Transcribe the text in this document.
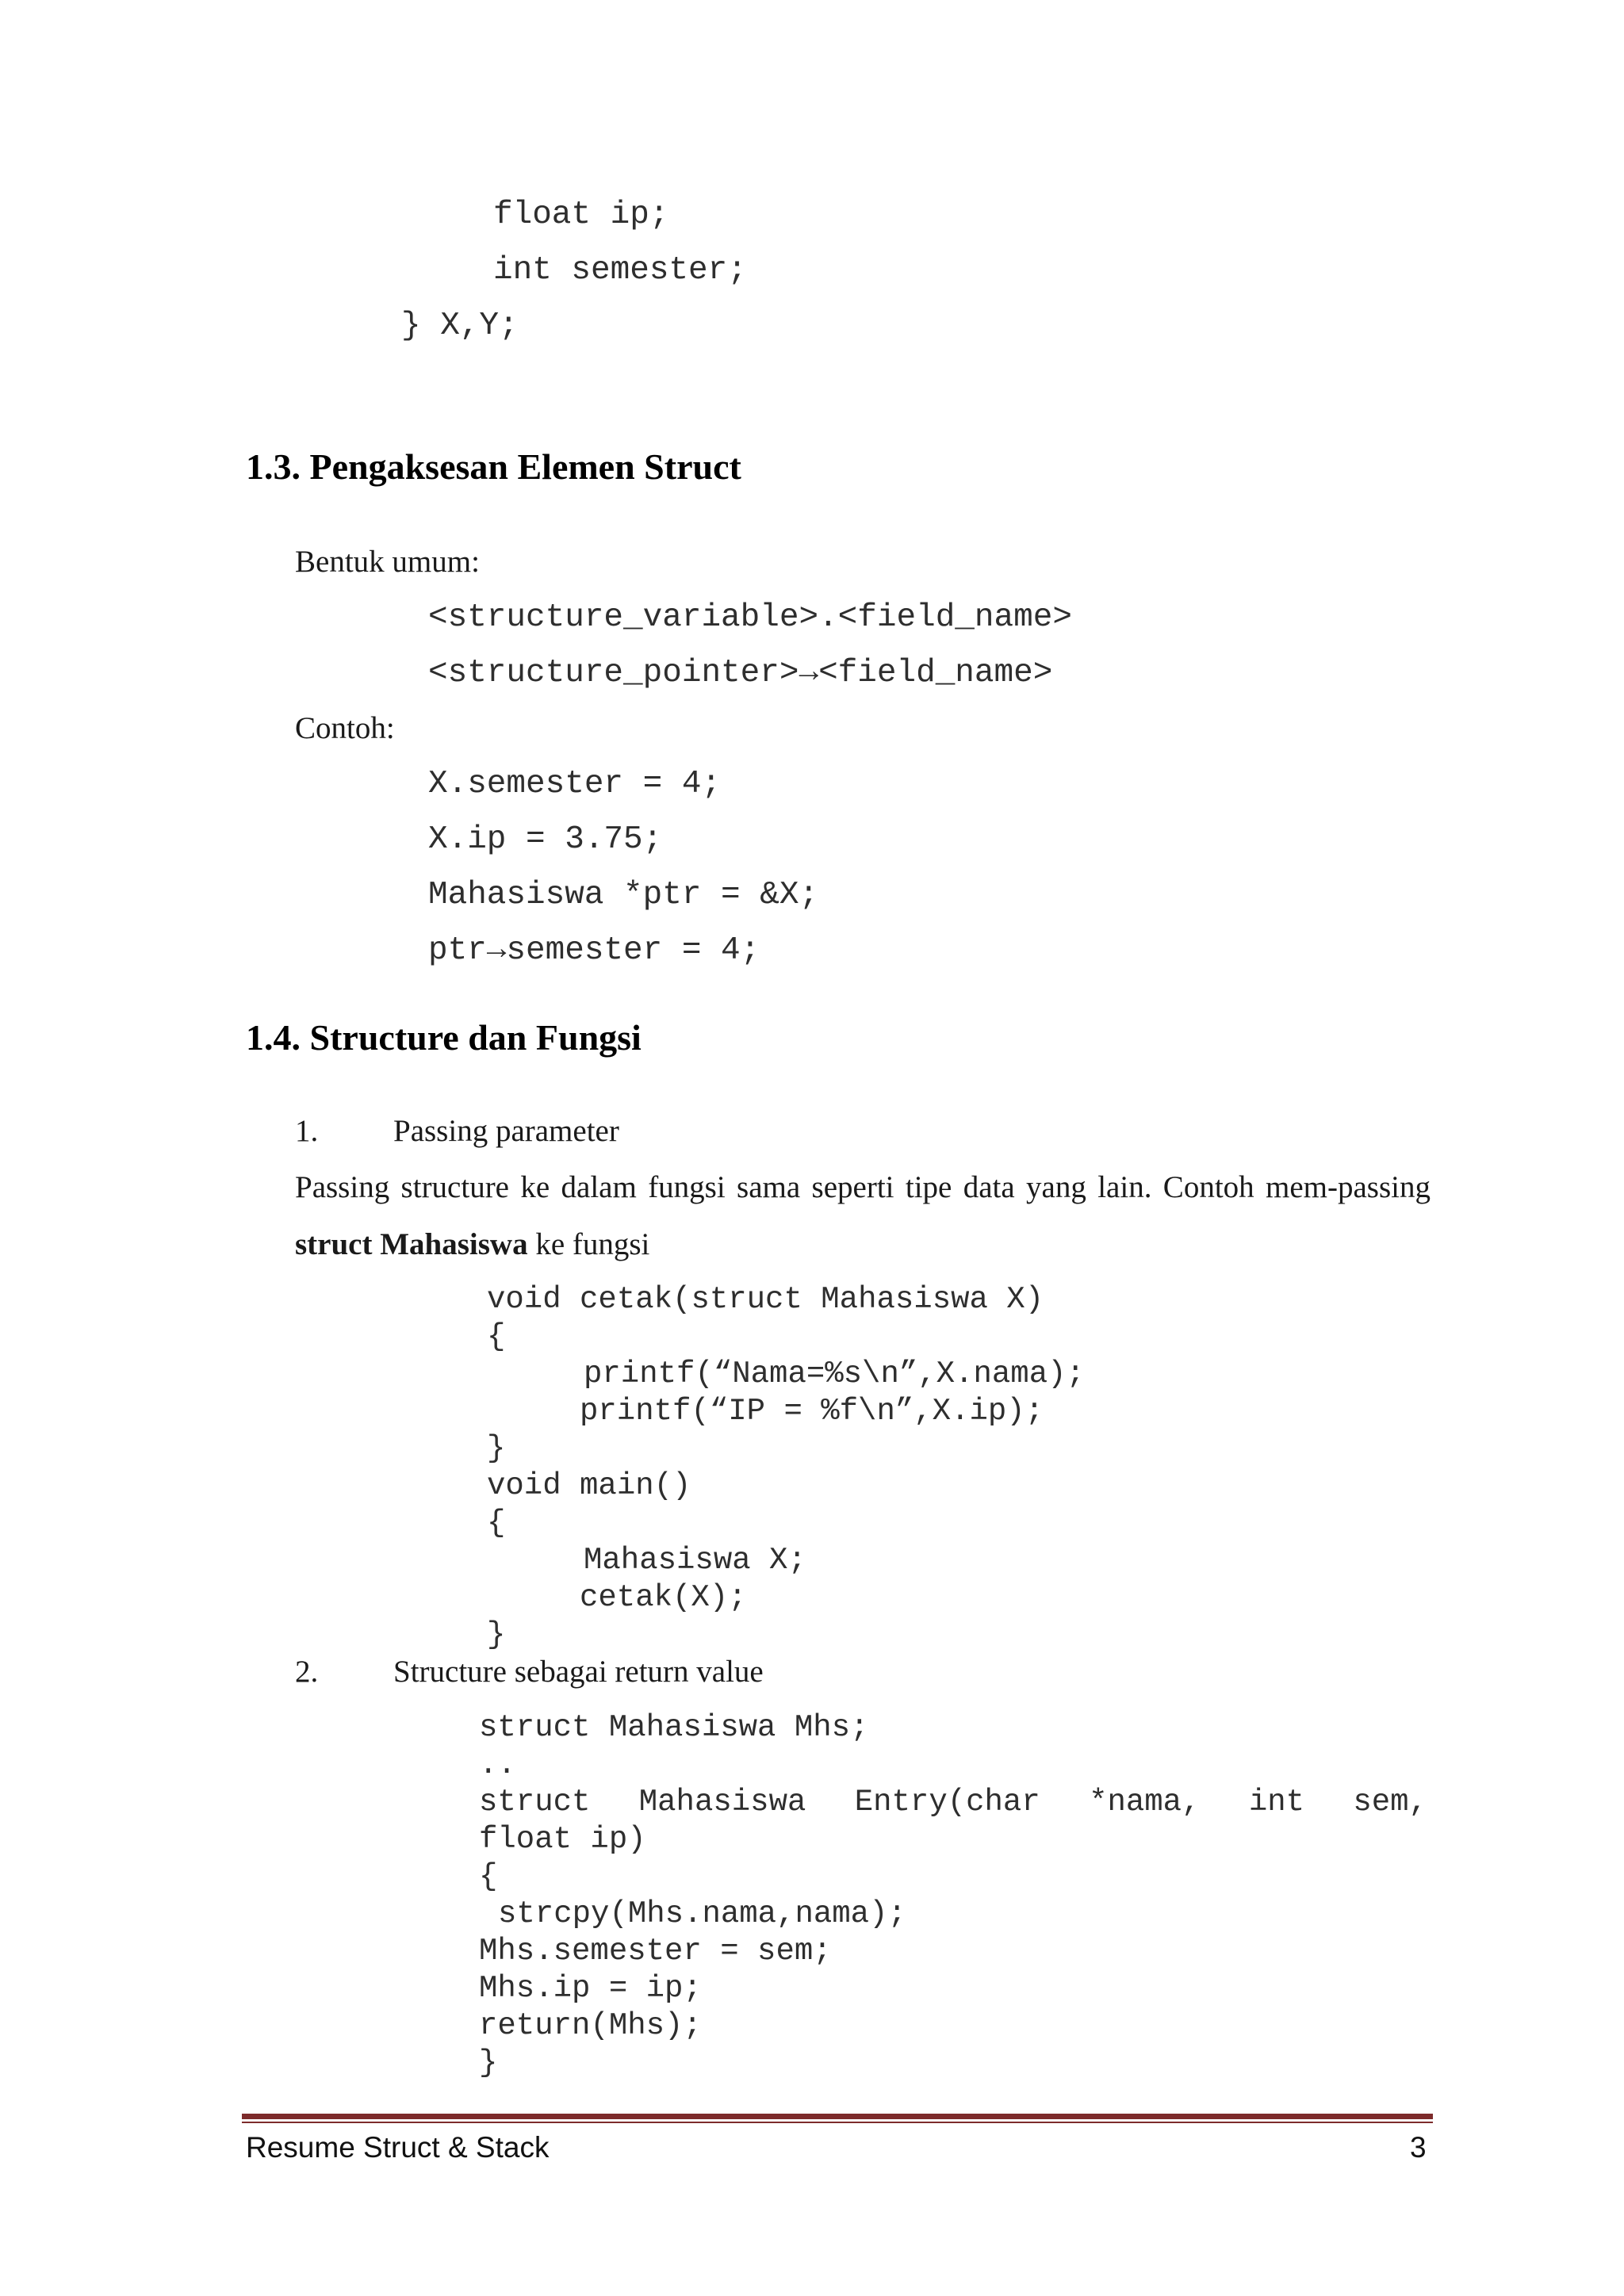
float ip;
int semester;
} X,Y;
1.3. Pengaksesan Elemen Struct
Bentuk umum:
<structure_variable>.<field_name>
<structure_pointer>→<field_name>
Contoh:
X.semester = 4;
X.ip = 3.75;
Mahasiswa *ptr = &X;
ptr→semester = 4;
1.4. Structure dan Fungsi
1. Passing parameter
Passing structure ke dalam fungsi sama seperti tipe data yang lain. Contoh mem-passing struct Mahasiswa ke fungsi
void cetak(struct Mahasiswa X)
{
printf(“Nama=%s\n”,X.nama);
printf(“IP = %f\n”,X.ip);
}
void main()
{
Mahasiswa X;
cetak(X);
}
2. Structure sebagai return value
struct Mahasiswa Mhs;
..
struct Mahasiswa Entry(char *nama, int sem,
float ip)
{
strcpy(Mhs.nama,nama);
Mhs.semester = sem;
Mhs.ip = ip;
return(Mhs);
}
Resume Struct & Stack	3
